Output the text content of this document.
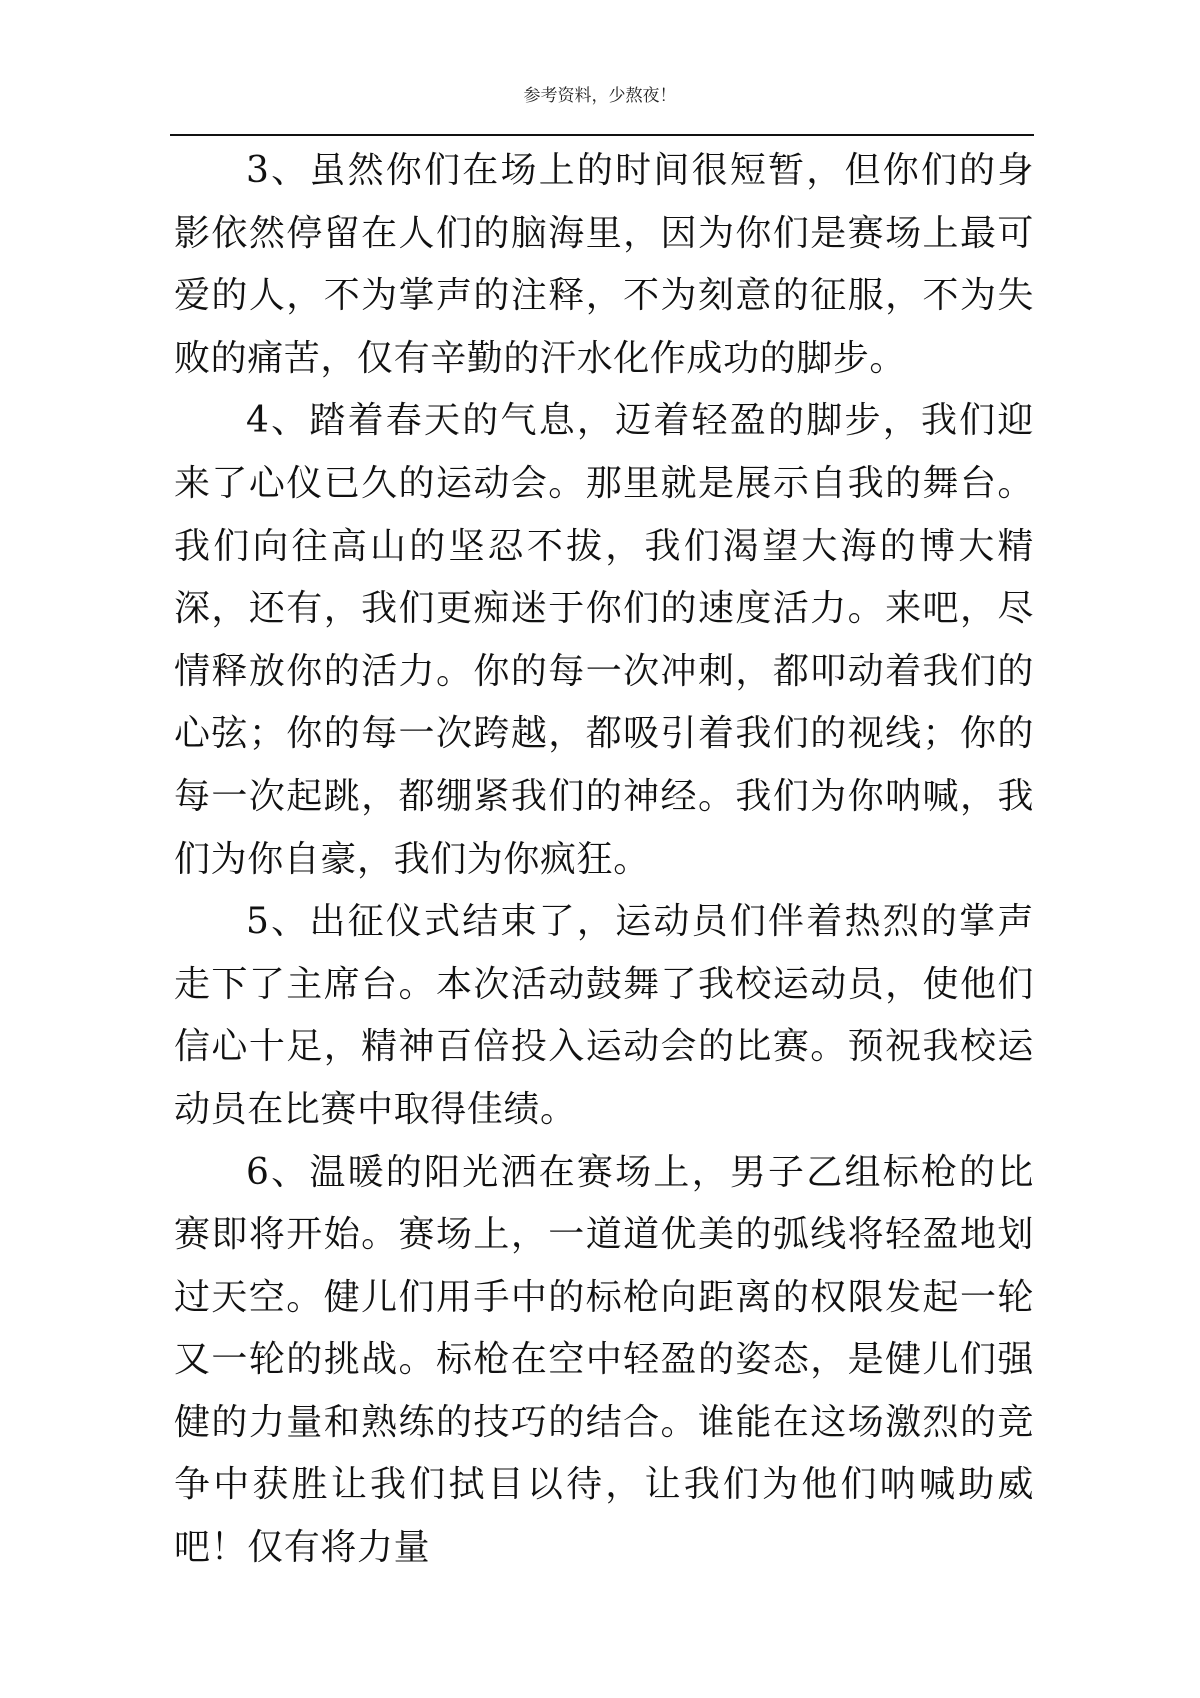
参考资料，少熬夜！

3、虽然你们在场上的时间很短暂，但你们的身影依然停留在人们的脑海里，因为你们是赛场上最可爱的人，不为掌声的注释，不为刻意的征服，不为失败的痛苦，仅有辛勤的汗水化作成功的脚步。

4、踏着春天的气息，迈着轻盈的脚步，我们迎来了心仪已久的运动会。那里就是展示自我的舞台。我们向往高山的坚忍不拔，我们渴望大海的博大精深，还有，我们更痴迷于你们的速度活力。来吧，尽情释放你的活力。你的每一次冲刺，都叩动着我们的心弦；你的每一次跨越，都吸引着我们的视线；你的每一次起跳，都绷紧我们的神经。我们为你呐喊，我们为你自豪，我们为你疯狂。

5、出征仪式结束了，运动员们伴着热烈的掌声走下了主席台。本次活动鼓舞了我校运动员，使他们信心十足，精神百倍投入运动会的比赛。预祝我校运动员在比赛中取得佳绩。

6、温暖的阳光洒在赛场上，男子乙组标枪的比赛即将开始。赛场上，一道道优美的弧线将轻盈地划过天空。健儿们用手中的标枪向距离的权限发起一轮又一轮的挑战。标枪在空中轻盈的姿态，是健儿们强健的力量和熟练的技巧的结合。谁能在这场激烈的竞争中获胜让我们拭目以待，让我们为他们呐喊助威吧！仅有将力量
